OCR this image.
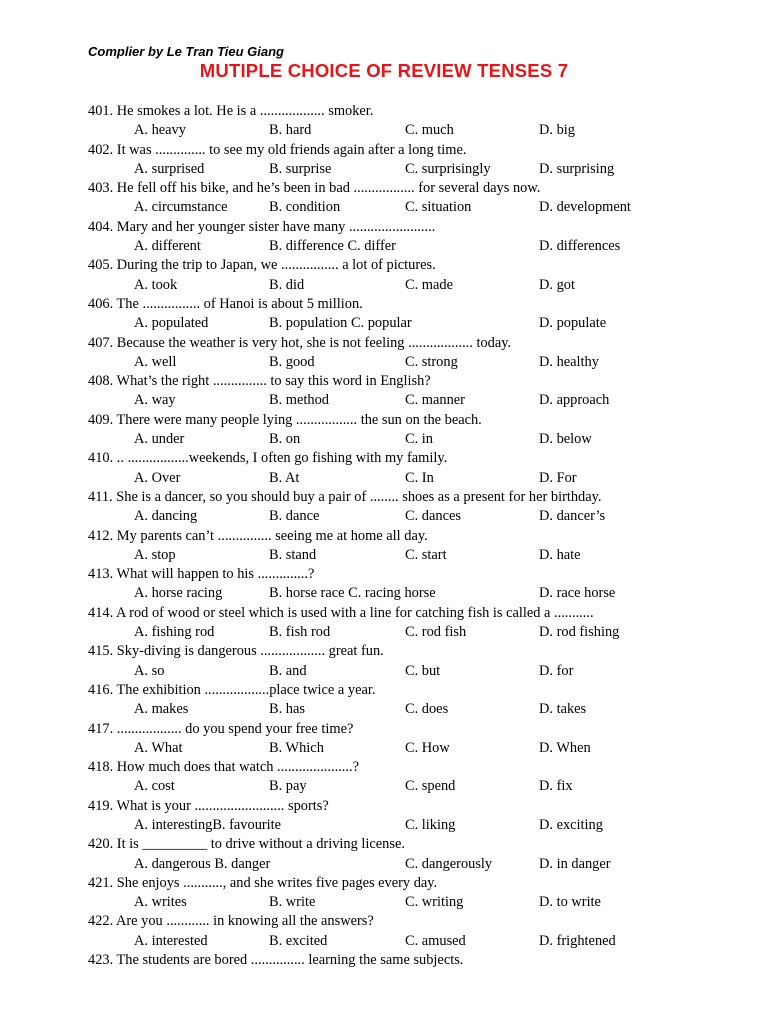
Complier by Le Tran Tieu Giang
MUTIPLE CHOICE OF REVIEW TENSES 7
401. He smokes a lot. He is a .................. smoker.
A. heavy	B. hard	C. much	D. big
402. It was .............. to see my old friends again after a long time.
A. surprised	B. surprise	C. surprisingly	D. surprising
403. He fell off his bike, and he’s been in bad ................. for several days now.
A. circumstance	B. condition	C. situation	D. development
404. Mary and her younger sister have many ........................
A. different	B. difference C. differ	D. differences
405. During the trip to Japan, we ................ a lot of pictures.
A. took	B. did	C. made	D. got
406. The ................ of Hanoi is about 5 million.
A. populated	B. population C. popular	D. populate
407. Because the weather is very hot, she is not feeling .................. today.
A. well	B. good	C. strong	D. healthy
408. What’s the right ............... to say this word in English?
A. way	B. method	C. manner	D. approach
409. There were many people lying ................. the sun on the beach.
A. under	B. on	C. in	D. below
410. .. .................weekends, I often go fishing with my family.
A. Over	B. At	C. In	D. For
411. She is a dancer, so you should buy a pair of ........ shoes as a present for her birthday.
A. dancing	B. dance	C. dances	D. dancer’s
412. My parents can’t ............... seeing me at home all day.
A. stop	B. stand	C. start	D. hate
413. What will happen to his ..............?
A. horse racing	B. horse race C. racing horse	D. race horse
414. A rod of wood or steel which is used with a line for catching fish is called a ...........
A. fishing rod	B. fish rod	C. rod fish	D. rod fishing
415. Sky-diving is dangerous .................. great fun.
A. so	B. and	C. but	D. for
416. The exhibition ..................place twice a year.
A. makes	B. has	C. does	D. takes
417. .................. do you spend your free time?
A. What	B. Which	C. How	D. When
418. How much does that watch .....................?
A. cost	B. pay	C. spend	D. fix
419. What is your ......................... sports?
A. interestingB. favourite	C. liking	D. exciting
420. It is _________ to drive without a driving license.
A. dangerous B. danger	C. dangerously	D. in danger
421. She enjoys ..........., and she writes five pages every day.
A. writes	B. write	C. writing	D. to write
422. Are you ............ in knowing all the answers?
A. interested	B. excited	C. amused	D. frightened
423. The students are bored ............... learning the same subjects.
